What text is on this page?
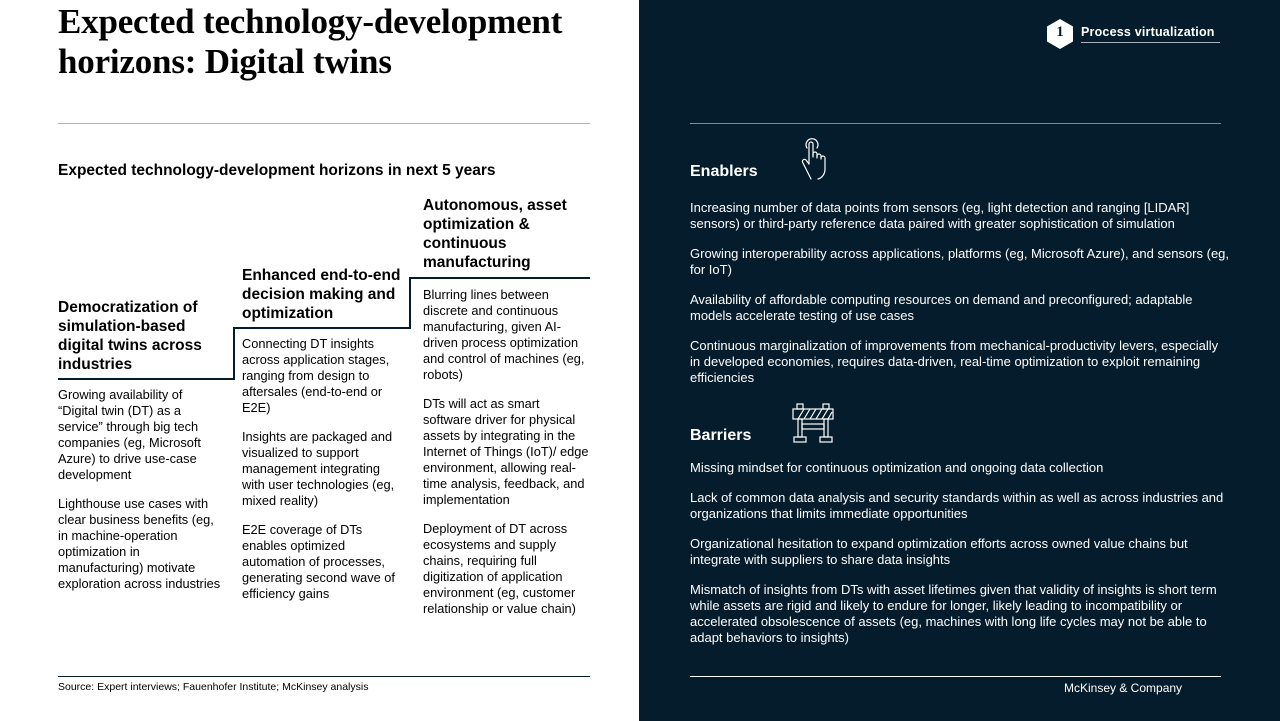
Expected technology-development horizons: Digital twins
Expected technology-development horizons in next 5 years
Democratization of simulation-based digital twins across industries

Growing availability of “Digital twin (DT) as a service” through big tech companies (eg, Microsoft Azure) to drive use-case development

Lighthouse use cases with clear business benefits (eg, in machine-operation optimization in manufacturing) motivate exploration across industries

Enhanced end-to-end decision making and optimization

Connecting DT insights across application stages, ranging from design to aftersales (end-to-end or E2E)

Insights are packaged and visualized to support management integrating with user technologies (eg, mixed reality)

E2E coverage of DTs enables optimized automation of processes, generating second wave of efficiency gains

Autonomous, asset optimization & continuous manufacturing

Blurring lines between discrete and continuous manufacturing, given AI-driven process optimization and control of machines (eg, robots)

DTs will act as smart software driver for physical assets by integrating in the Internet of Things (IoT)/ edge environment, allowing real-time analysis, feedback, and implementation

Deployment of DT across ecosystems and supply chains, requiring full digitization of application environment (eg, customer relationship or value chain)

Source: Expert interviews; Fauenhofer Institute; McKinsey analysis
1	Process virtualization
Enablers

Increasing number of data points from sensors (eg, light detection and ranging [LIDAR] sensors) or third-party reference data paired with greater sophistication of simulation

Growing interoperability across applications, platforms (eg, Microsoft Azure), and sensors (eg, for IoT)

Availability of affordable computing resources on demand and preconfigured; adaptable models accelerate testing of use cases

Continuous marginalization of improvements from mechanical-productivity levers, especially in developed economies, requires data-driven, real-time optimization to exploit remaining efficiencies

Barriers

Missing mindset for continuous optimization and ongoing data collection

Lack of common data analysis and security standards within as well as across industries and organizations that limits immediate opportunities

Organizational hesitation to expand optimization efforts across owned value chains but integrate with suppliers to share data insights

Mismatch of insights from DTs with asset lifetimes given that validity of insights is short term while assets are rigid and likely to endure for longer, likely leading to incompatibility or accelerated obsolescence of assets (eg, machines with long life cycles may not be able to adapt behaviors to insights)

McKinsey & Company
